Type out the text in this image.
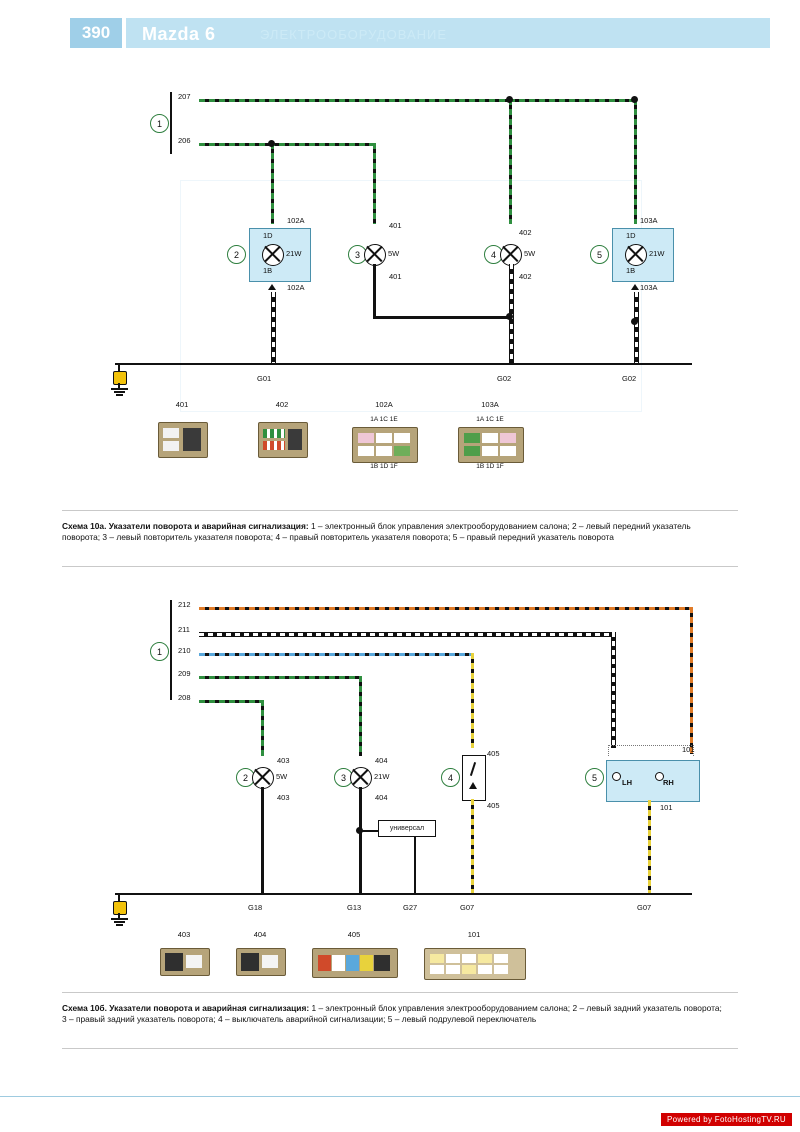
390	Mazda 6	ЭЛЕКТРООБОРУДОВАНИЕ
1
207
206
2	21W
102A
1D
1B
102A
3	5W
401
401
4	5W
402
402
5	21W
103A
1D
1B
103A
G01	G02	G02
401	402	102A
1A 1C 1E
1B 1D 1F
103A
1A 1C 1E
1B 1D 1F
Схема 10а. Указатели поворота и аварийная сигнализация: 1 – электронный блок управления электрооборудованием салона; 2 – левый передний указатель поворота; 3 – левый повторитель указателя поворота; 4 – правый повторитель указателя поворота; 5 – правый передний указатель поворота
1
212
211
210
209
208
2	5W
403
403
3	21W
404
404
универсал
4
405
405
5	LH	RH
101
101
G18	G13	G27	G07	G07
403	404	405	101
Схема 10б. Указатели поворота и аварийная сигнализация: 1 – электронный блок управления электрооборудованием салона; 2 – левый задний указатель поворота; 3 – правый задний указатель поворота; 4 – выключатель аварийной сигнализации; 5 – левый подрулевой переключатель
Powered by FotoHostingTV.RU
